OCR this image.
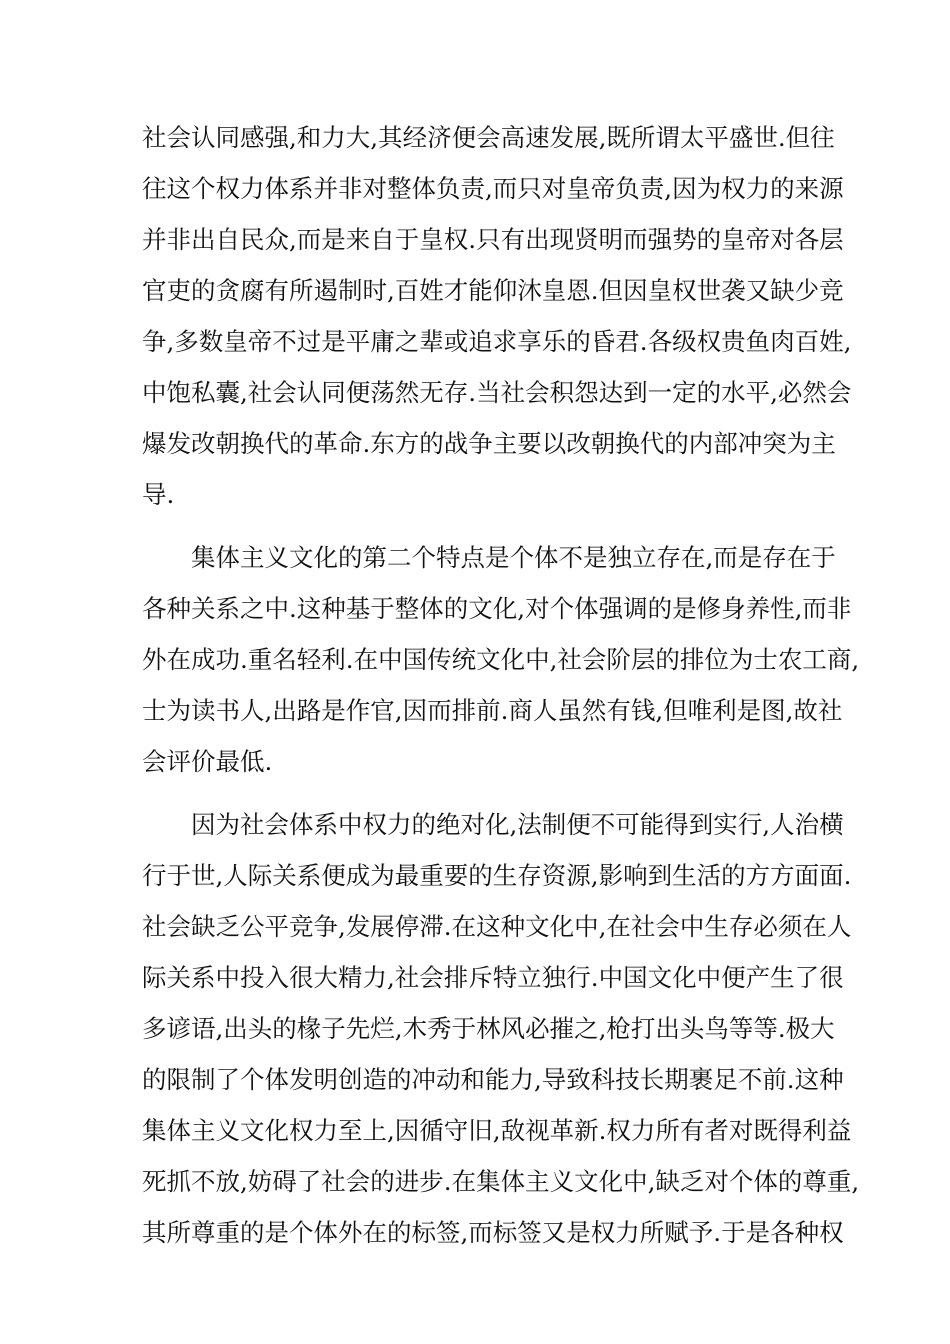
社会认同感强,和力大,其经济便会高速发展,既所谓太平盛世.但往
往这个权力体系并非对整体负责,而只对皇帝负责,因为权力的来源
并非出自民众,而是来自于皇权.只有出现贤明而强势的皇帝对各层
官吏的贪腐有所遏制时,百姓才能仰沐皇恩.但因皇权世袭又缺少竞
争,多数皇帝不过是平庸之辈或追求享乐的昏君.各级权贵鱼肉百姓,
中饱私囊,社会认同便荡然无存.当社会积怨达到一定的水平,必然会
爆发改朝换代的革命.东方的战争主要以改朝换代的内部冲突为主
导.
集体主义文化的第二个特点是个体不是独立存在,而是存在于
各种关系之中.这种基于整体的文化,对个体强调的是修身养性,而非
外在成功.重名轻利.在中国传统文化中,社会阶层的排位为士农工商,
士为读书人,出路是作官,因而排前.商人虽然有钱,但唯利是图,故社
会评价最低.
因为社会体系中权力的绝对化,法制便不可能得到实行,人治横
行于世,人际关系便成为最重要的生存资源,影响到生活的方方面面.
社会缺乏公平竞争,发展停滞.在这种文化中,在社会中生存必须在人
际关系中投入很大精力,社会排斥特立独行.中国文化中便产生了很
多谚语,出头的椽子先烂,木秀于林风必摧之,枪打出头鸟等等.极大
的限制了个体发明创造的冲动和能力,导致科技长期裹足不前.这种
集体主义文化权力至上,因循守旧,敌视革新.权力所有者对既得利益
死抓不放,妨碍了社会的进步.在集体主义文化中,缺乏对个体的尊重,
其所尊重的是个体外在的标签,而标签又是权力所赋予.于是各种权
